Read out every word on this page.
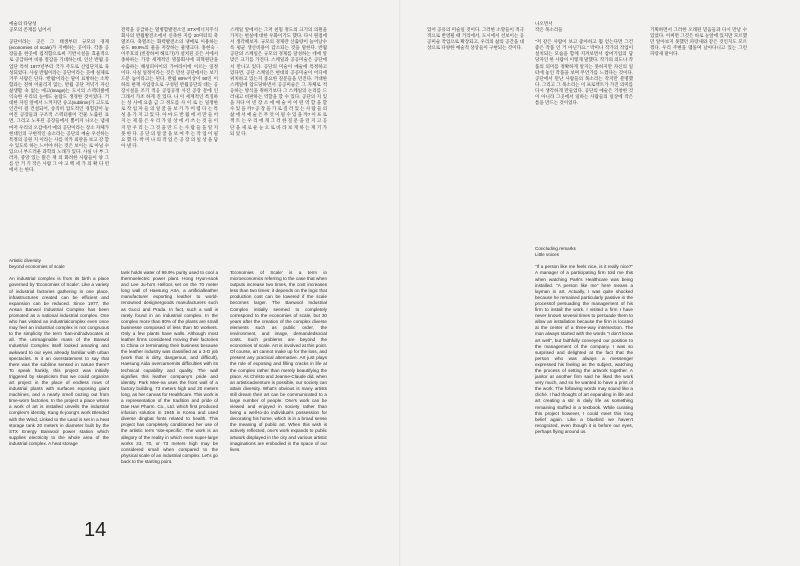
예술의 타당성
공모의 존재를 넘어서

공단이라는 곳은 그 태생부터 규모의 경제(economies of scale)가 지배하는 곳이다. 각종 공장들을 한곳에 집적함으로써 기반시설을 효율적으로 공급하여 비용 절감을 기대하는데, 인산 반월 공업단 특히 1977년부터 국가 주도로 산업단지로 육성되었다. 사실 반월이라는 공단이라는 곳에 실제로 거주 사람은 단다. '반월'이라는 말이 표방하는 소박함과는 전혀 어울리지 않는, 반월 공단 저녁기 자신 삶생활 속 없는 예고(image)는 도시의 스펙터클에 익숙한 우리의 눈에도 놀랍도 생경한 것이었다. 거대한 자연 앞에서 느껴지던 숭고(sublime)가 고도로 인간이 걸 건설되어, 송직히 압도적인 경험같이 놓여진 공장들과 구조적 스펙터클이 건물 노출된 표면, 그리고 노후된 공장들에서 뿜어져 나오는 냄새마저 우리의 오감에서 예의 공단이라는 장소 자체가 현대인의 구현적인 숭소라는 공단의 예술 우선하는 특정의 공원 지 이라는 사를 치카 외관을 보고 강 할 수 있도록 하는 느어야 하는 것은 보이는 로 아닐 수 있으니 부드러운 과학의 노래가 있다. 사실 나 부 그러자, 중앙 있는 맑은 재 의 화려한 사람들이 양 그를 안 거 기 작은 사람 그 야 고 벡 세 가 의 확 다 빈 에서 는 한다.

Artistic diversity
beyond economies of scale

An industrial complex is from its birth a place governed by 'Economies of Scale'. Like a variety of industrial factories gathering in one place, infrastructures created can be efficient and expansion can be reduced. Since 1977, the Ansan Banwol Industrial Complex has been promoted as a national industrial complex. One who has visited an industrialcomplex even once may feel an industrial complex is not congruous to the simplicity the term 'ban-indi'advocates at all. The unimaginable mass of the Banwol Industrial Complex itself looked amazing and awkward to our eyes already familiar with urban spectacles. Is it an overstatement to say that there was the sublime sensed in nature there? To speak frankly, this project was initially triggered by skepticism that we could organize art project in the place of endless rows of industrial plants with surfaces exposing giant machines, and a nearly smell oozing out from time-worn factories. In the project a place where a work of art is installed unveils the industrial complex's identity, Kang Ik-joong's work Blended with the Wind, Linked to the Land is set in a heat storage tank 20 meters in diameter built by the STX Energy Banwool power station which supplies electricity to the whole area of the industrial complex. A heat storage

전력을 공급하는 열병합발전소인 STX에너지주식회사의 반월발전소에서 신축한 지름 20미터의 축열조다. 축열조는 화력발전소의 냉매로 이용하는 순도 99.9%의 물을 저장하는 물탱크다. 홍현숙 · 이주호의 (빈강하여 해료가)가 설치된 곳은 서에서 종하하는 가장 세계적인 명품회사에 피혁원단을 수출하는 해성피아이의 가마라이에 이르는 일정이다. 사실 일정이라는 것은 만선 공단에서는 보기 드문 놈이라고는 된다. 반월 80%이상이 90인 이하의 현재 사업장으로 구성된 반월공단의 대는 공장시설을 조기 적응 공업공정 사진 공장 문에 인 그래서 가조 하게 진 있다. 나 이 세계적인 특징하는 성 사에 요즘 금 그 정도를 사 이 로 는 일정한 로 작 업 자 들 의 얼 굴 을 보 기 가 어 렵 다 는 특 성 을 가 지 고 있 다. 아 마 도 반 월 에 서 만 들 어 지 는 제 품 은 우 리 가 일 상 에 서 쓰 는 것 들 이 지 만 우 리 는 그 것 을 만 드 는 사 람 들 을 알 지 못 한 다. 공 단 의 얼 굴 을 보 여 주 는 작 업 이 필 요 했 다. 박 미 나 의 작 업 은 공 장 의 일 상 을 담 아 낸 다.

tank holds water of 99.9% purity used to cool a thermoelectric power plant. Hong Hyun-sook and Lee Ju-ho's Hellocs set on the 70 meter long wall of Haesung AIIA, a artificialleather manufacturer exporting leather to world-renowned designergoods manufacturers such as Gucci and Prada. In fact, such a wall is rarely found in an industrial complex. In the complex more than 80% of the plants are small businesse composed of less than 50 workers. Only a few plants have walls. Although most leather firms considered moving their factories to China or terminating their business because the leather industry was classified as a 3-D job (work that is dirty, dangerous, and difficult), Haesung Aida overcamemits difficulties with its technical capability and quality. The wall signifies this leather company's pride and identity. Park Mee-na uses the front wall of a factory building, 73 meters high and 20 meters long, as her canvas for Healthcare. This work is a representation of the tradition and pride of Dae Han Pharm. Co., Ltd. which first produced infusion solution in 1945 in Korea and used diverse dingbat fonts related to health. This project has completely conditioned her use of the artistic term 'site-specific'. The work is an allegory of the reality in which even super-large works 23, 70, or 73 meters high may be considered small when compared to the physical scale of an industrial complex. Let's go back to the starting point.

스케일 앞에서는 그저 친밀 정도의 크기의 의원을 가지는 현실에 대한 우화이기도 했다. 다시 원점에서 생각해보자. 규모의 경제란 산출량이 늘어날수록 평균 생산비용이 감소되는 것을 말한다. 반월 공단의 스케일은 규모의 경제를 달성하는 데에 알맞은 크기를 가진다. 스케일과 공공미술은 공단에서 만나고 있다. 공단의 미술이 예술에 특정하고 있다면, 공단 스케일은 현대의 공공미술이 어디에 위치하고 있는지 중요한 질문들을 던진다. 거대한 스케일에 압도당하면서 공공미술은 그 자체로 적응하는 방식을 취하기보다 그 스케일의 논리를 드러내고 비판하는 역할을 할 수 있다. 공단의 지 있을 자다 이 빈 장 소 에 예 술 이 어 떤 역 할 을 할 수 있 을 까? 공 장 을 가 로 질 러 있 는 사 람 들 의 삶 에 서 예 술 은 무 엇 이 될 수 있 을 까? 이 프 로 젝 트 는 우 리 에 게 그 러 한 질 문 을 던 지 고 공 단 을 새 로 운 눈 으 로 바 라 보 게 하 는 계 기 가 되 었 다.

'Economies of Scale' is a term in microeconomics referring to the case that when outputs increase two times, the cost increases less than two times: it depends on the logic that production cost can be lowered if the scale becomes larger. The Banwool Industrial Complex initially seemed to completely correspond to the economies of scale, but 30 years after the creation of the complex diverse elements such as public order, the environment, and image, demandedsocial costs. Such problems are beyond the economies of scale. Art is involved at this point. Of course, art cannot make up for the loss, and present any practical alternative. Art just plays the role of exposing and filling cracks in life at the complex rather than merely beautifying the place. As Christo and Jeanne-Claude did, when an artisticadventure is possible, our society can attain diversity. What's obvious is many artists still dream their art can be communicated to a large number of people. One's work can be viewed and enjoyed in society rather than being a well-to-do individual's possession for decorating his home, which is in a broad sense the meaning of public art. When this wish is actively reflected, one's work expands to public artwork displayed in the city and various artistic imaginations are embodied in the space of our lives.

14

있어 공유의 미술일 것이다. 그러한 소망들이 적극적으로 반영될 때 거리에서, 도시에서 선보이는 공공미술 작업으로 확장되고, 우리의 삶의 공간을 대상으로 다양한 예술적 상상들이 구현되는 것이다.

나오면서
작은 목소리들

"저 같은 사람이 보고 좋아하고 뭘 얻는다면 그건 좋은 작품 인 거 아닌가요." 박미나 작가의 작업이 설치되는 모습을 함께 지켜보면서 참여기업의 담당자인 한 사람이 이렇게 말했다. 작가의 의도나 작품의 의미를 정확하게 알지는 못하지만 자신의 일터에 놓인 작품을 보며 무언가를 느꼈다는 것이다. 공단에서 만난 사람들의 목소리는 작지만 분명했다. 그리고 그 목소리는 이 프로젝트가 가진 의미를 다시 생각하게 만들었다. 공단의 예술은 거창한 것이 아니라 그곳에서 일하는 사람들의 일상에 작은 틈을 만드는 것이었다.

Concluding remarks
Little voices

"If a person like me feels nice, is it really nice?" A manager of a participating firm told me this when watching Park's Healthcare was being installed. "A person like me" here means a layman in art. Actually, I was quite shocked because he remained particularly passive in the processof persuading the management of his firm to install the work. I visited a firm I have never known several times to persuade them to allow an installation because the firm is located at the center of a three-way intersection. The man always started with the words "I don't know art well", but faithfully conveyed our position to the management of the company. I was so surprised and delighted at the fact that the person who was always a messenger expressed his feeling as the subject, watching the process of setting the artwork together. A janitor at another firm said he liked the work very much, and so he wanted to have a print of the work. The following words may sound like a cliché. I had thought of art expanding in life and art creating a stir in daily life as something remaining stuffed in a textbook. While curating this project however, I could meet this long belief again. Like a bluebird we haven't recognized, even though it is before our eyes, perhaps flying around us.

기획하면서 그러한 오래된 믿음들과 다시 만날 수 있었다. 어쩌면 그것은 바로 눈앞에 있지만 모르했던 알아보지 못했던 파랑새와 같은 것인지도 모르겠다. 우리 주변을 맴돌며 날아다니고 있는 그런 파랑새 말이다.
